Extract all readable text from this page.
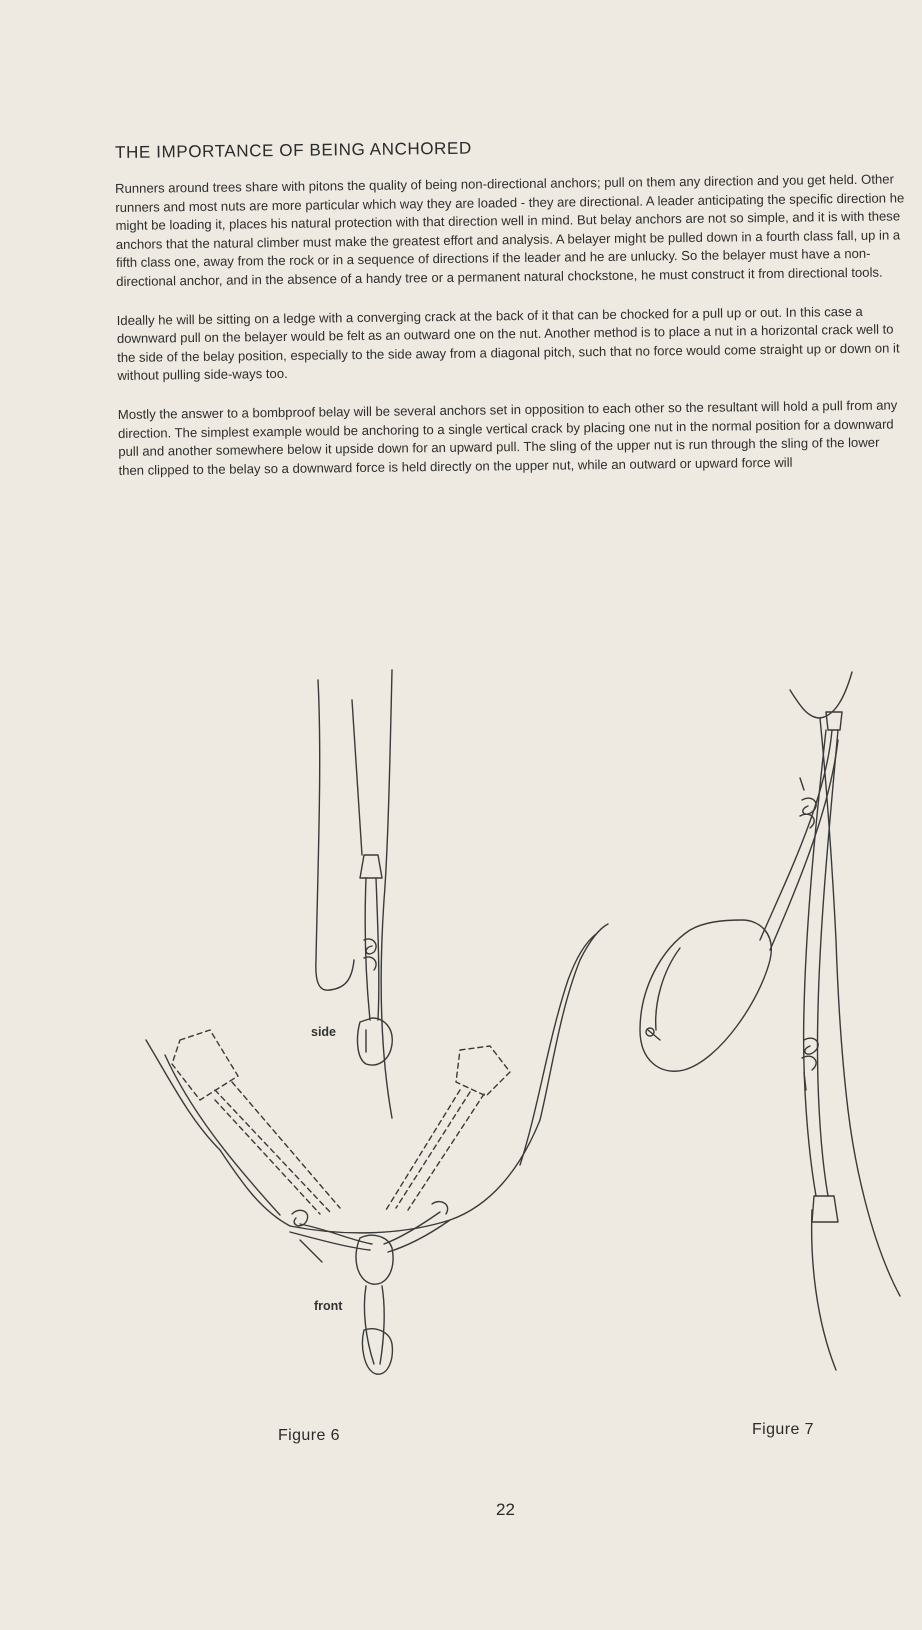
THE IMPORTANCE OF BEING ANCHORED

Runners around trees share with pitons the quality of being non-directional anchors; pull on them any direction and you get held. Other runners and most nuts are more particular which way they are loaded - they are directional. A leader anticipating the specific direction he might be loading it, places his natural protection with that direction well in mind. But belay anchors are not so simple, and it is with these anchors that the natural climber must make the greatest effort and analysis. A belayer might be pulled down in a fourth class fall, up in a fifth class one, away from the rock or in a sequence of directions if the leader and he are unlucky. So the belayer must have a non-directional anchor, and in the absence of a handy tree or a permanent natural chockstone, he must construct it from directional tools.

Ideally he will be sitting on a ledge with a converging crack at the back of it that can be chocked for a pull up or out. In this case a downward pull on the belayer would be felt as an outward one on the nut. Another method is to place a nut in a horizontal crack well to the side of the belay position, especially to the side away from a diagonal pitch, such that no force would come straight up or down on it without pulling side-ways too.

Mostly the answer to a bombproof belay will be several anchors set in opposition to each other so the resultant will hold a pull from any direction. The simplest example would be anchoring to a single vertical crack by placing one nut in the normal position for a downward pull and another somewhere below it upside down for an upward pull. The sling of the upper nut is run through the sling of the lower then clipped to the belay so a downward force is held directly on the upper nut, while an outward or upward force will

side
front
Figure 6	Figure 7
22
